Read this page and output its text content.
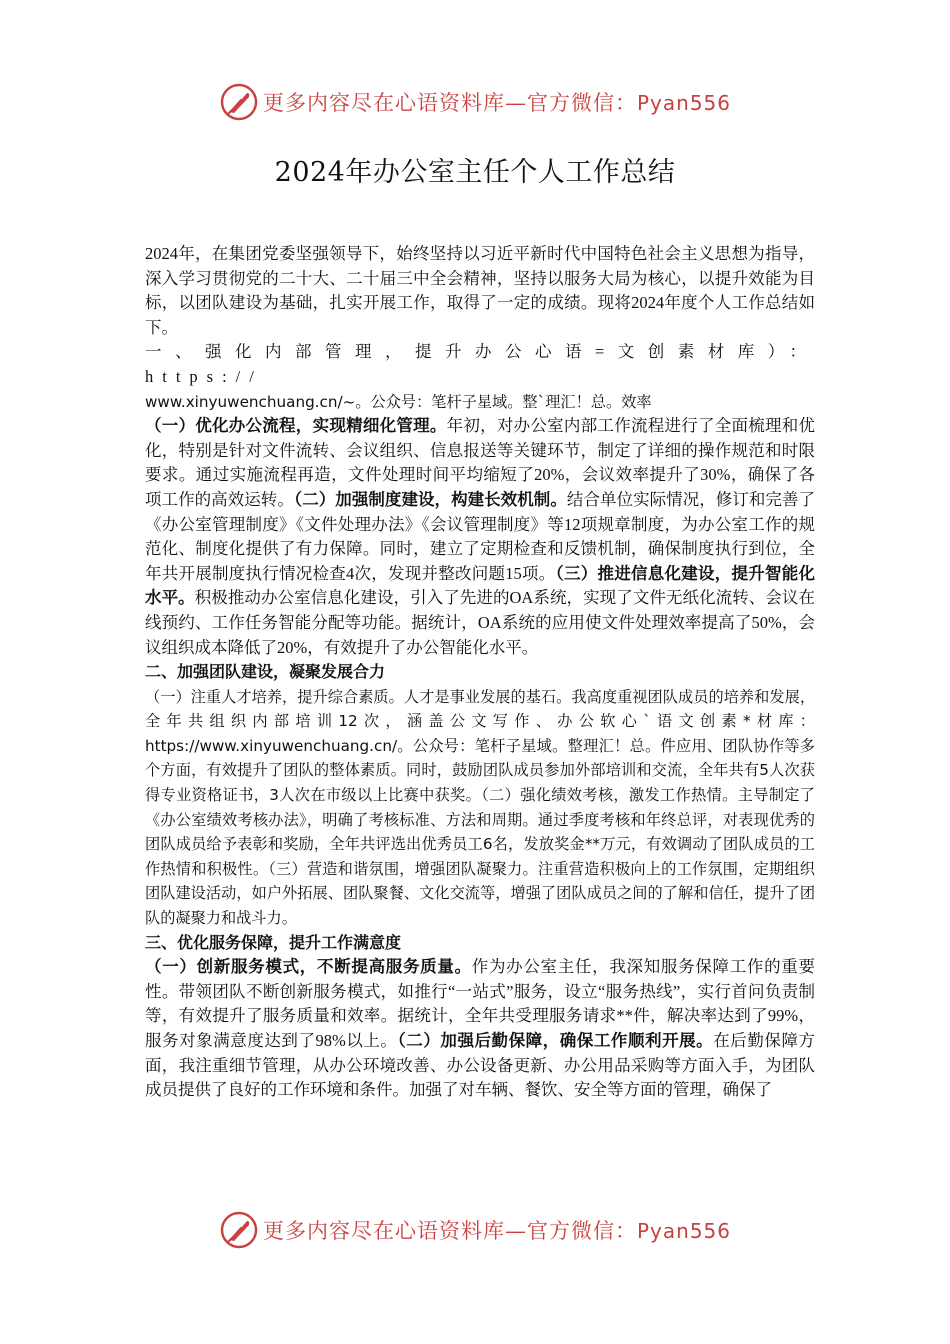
更多内容尽在心语资料库—官方微信：Pyan556
2024年办公室主任个人工作总结

2024年，在集团党委坚强领导下，始终坚持以习近平新时代中国特色社会主义思想为指导，深入学习贯彻党的二十大、二十届三中全会精神，坚持以服务大局为核心，以提升效能为目标，以团队建设为基础，扎实开展工作，取得了一定的成绩。现将2024年度个人工作总结如下。

一、强化内部管理，提升办公心语=文创素材库）：https://

www.xinyuwenchuang.cn/~。公众号：笔杆子星域。整`理汇！总。效率

（一）优化办公流程，实现精细化管理。年初，对办公室内部工作流程进行了全面梳理和优化，特别是针对文件流转、会议组织、信息报送等关键环节，制定了详细的操作规范和时限要求。通过实施流程再造，文件处理时间平均缩短了20%，会议效率提升了30%，确保了各项工作的高效运转。（二）加强制度建设，构建长效机制。结合单位实际情况，修订和完善了《办公室管理制度》《文件处理办法》《会议管理制度》等12项规章制度，为办公室工作的规范化、制度化提供了有力保障。同时，建立了定期检查和反馈机制，确保制度执行到位，全年共开展制度执行情况检查4次，发现并整改问题15项。（三）推进信息化建设，提升智能化水平。积极推动办公室信息化建设，引入了先进的OA系统，实现了文件无纸化流转、会议在线预约、工作任务智能分配等功能。据统计，OA系统的应用使文件处理效率提高了50%，会议组织成本降低了20%，有效提升了办公智能化水平。

二、加强团队建设，凝聚发展合力

（一）注重人才培养，提升综合素质。人才是事业发展的基石。我高度重视团队成员的培养和发展，全年共组织内部培训12次，涵盖公文写作、办公软心`语文创素*材库：https://www.xinyuwenchuang.cn/。公众号：笔杆子星域。整理汇！总。件应用、团队协作等多个方面，有效提升了团队的整体素质。同时，鼓励团队成员参加外部培训和交流，全年共有5人次获得专业资格证书，3人次在市级以上比赛中获奖。（二）强化绩效考核，激发工作热情。主导制定了《办公室绩效考核办法》，明确了考核标准、方法和周期。通过季度考核和年终总评，对表现优秀的团队成员给予表彰和奖励，全年共评选出优秀员工6名，发放奖金**万元，有效调动了团队成员的工作热情和积极性。（三）营造和谐氛围，增强团队凝聚力。注重营造积极向上的工作氛围，定期组织团队建设活动，如户外拓展、团队聚餐、文化交流等，增强了团队成员之间的了解和信任，提升了团队的凝聚力和战斗力。

三、优化服务保障，提升工作满意度

（一）创新服务模式，不断提高服务质量。作为办公室主任，我深知服务保障工作的重要性。带领团队不断创新服务模式，如推行“一站式”服务，设立“服务热线”，实行首问负责制等，有效提升了服务质量和效率。据统计，全年共受理服务请求**件，解决率达到了99%，服务对象满意度达到了98%以上。（二）加强后勤保障，确保工作顺利开展。在后勤保障方面，我注重细节管理，从办公环境改善、办公设备更新、办公用品采购等方面入手，为团队成员提供了良好的工作环境和条件。加强了对车辆、餐饮、安全等方面的管理，确保了

更多内容尽在心语资料库—官方微信：Pyan556
